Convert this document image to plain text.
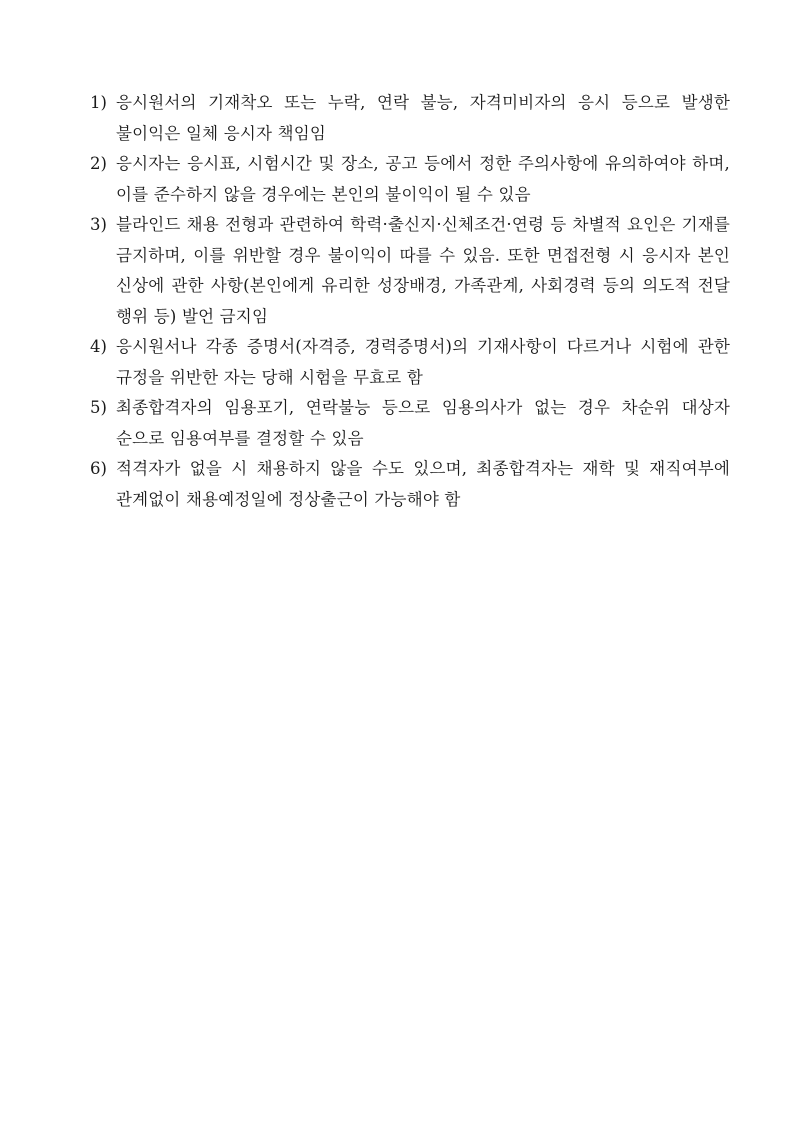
1) 응시원서의 기재착오 또는 누락, 연락 불능, 자격미비자의 응시 등으로 발생한 불이익은 일체 응시자 책임임
2) 응시자는 응시표, 시험시간 및 장소, 공고 등에서 정한 주의사항에 유의하여야 하며, 이를 준수하지 않을 경우에는 본인의 불이익이 될 수 있음
3) 블라인드 채용 전형과 관련하여 학력·출신지·신체조건·연령 등 차별적 요인은 기재를 금지하며, 이를 위반할 경우 불이익이 따를 수 있음. 또한 면접전형 시 응시자 본인 신상에 관한 사항(본인에게 유리한 성장배경, 가족관계, 사회경력 등의 의도적 전달 행위 등) 발언 금지임
4) 응시원서나 각종 증명서(자격증, 경력증명서)의 기재사항이 다르거나 시험에 관한 규정을 위반한 자는 당해 시험을 무효로 함
5) 최종합격자의 임용포기, 연락불능 등으로 임용의사가 없는 경우 차순위 대상자 순으로 임용여부를 결정할 수 있음
6) 적격자가 없을 시 채용하지 않을 수도 있으며, 최종합격자는 재학 및 재직여부에 관계없이 채용예정일에 정상출근이 가능해야 함
